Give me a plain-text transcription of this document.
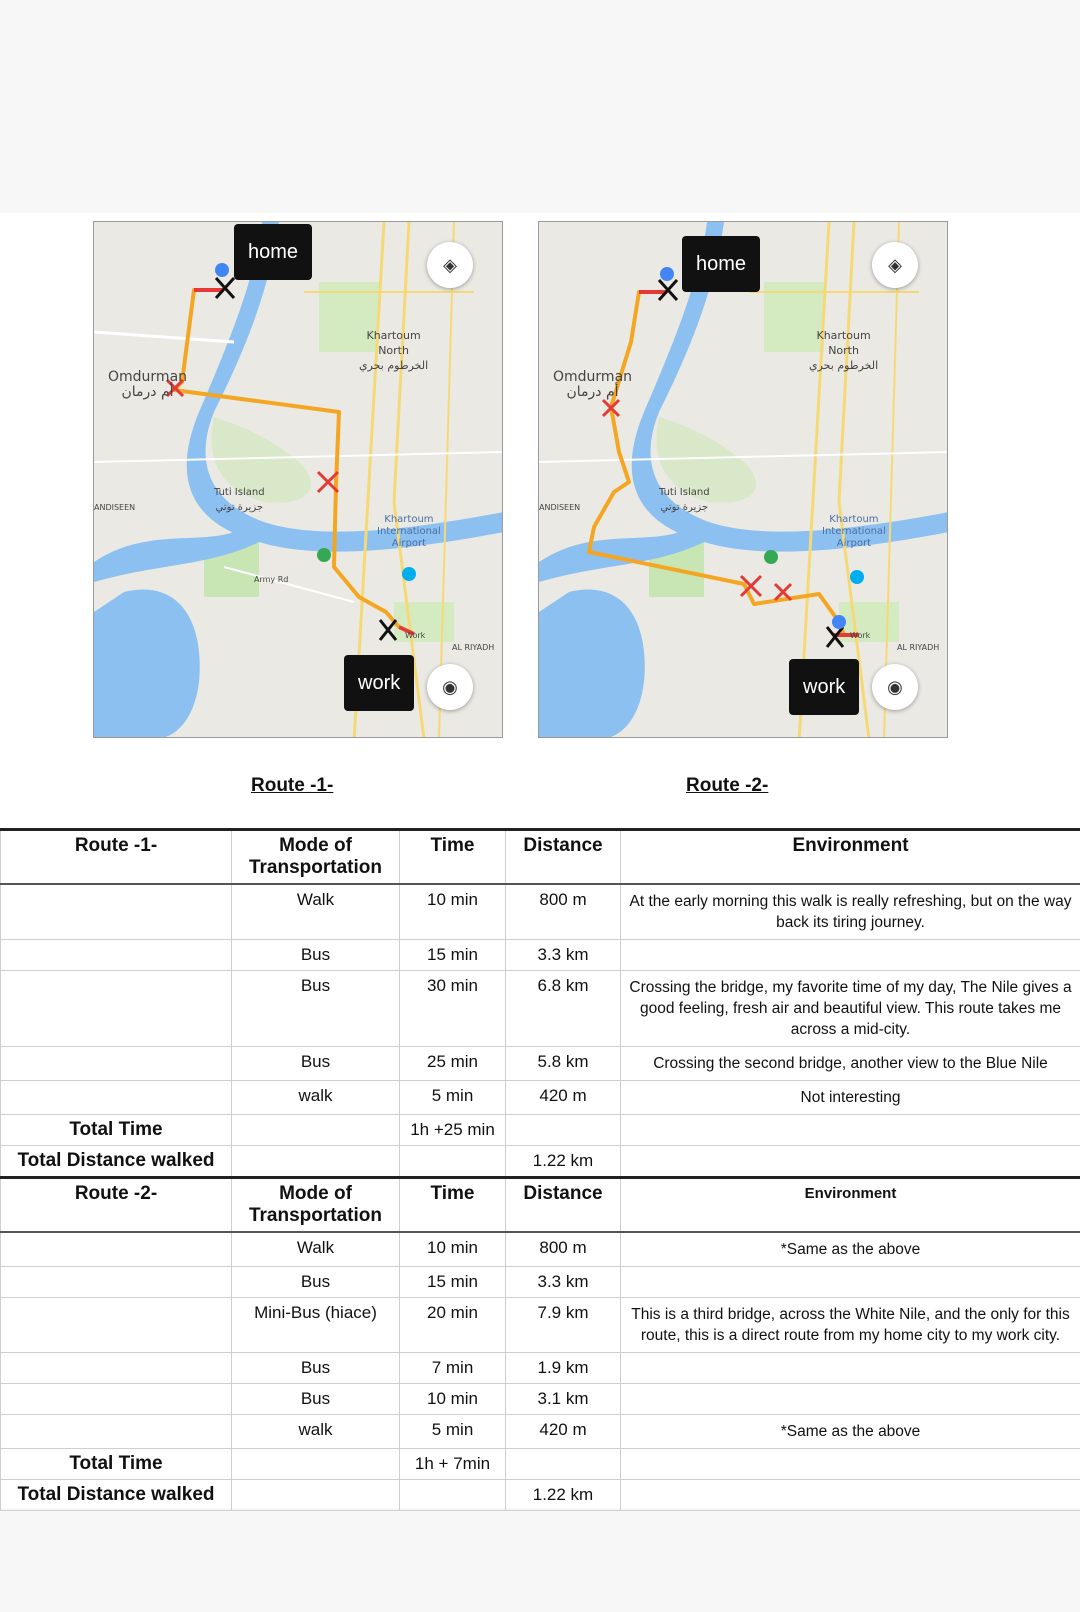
Omdurman
أم درمان
Khartoum
North
الخرطوم بحري
Tuti Island
جزيرة توتي
Khartoum
International
Airport
AL RIYADH
ANDISEEN
Army Rd
Work
home
work
◈
◉
Omdurman
أم درمان
Khartoum
North
الخرطوم بحري
Tuti Island
جزيرة توتي
Khartoum
International
Airport
AL RIYADH
ANDISEEN
Work
home
work
◈
◉
Route -1-	Route -2-
Route -1-	Mode of Transportation	Time	Distance	Environment
	Walk	10 min	800 m	At the early morning this walk is really refreshing, but on the way back its tiring journey.
	Bus	15 min	3.3 km	
	Bus	30 min	6.8 km	Crossing the bridge, my favorite time of my day, The Nile gives a good feeling, fresh air and beautiful view. This route takes me across a mid-city.
	Bus	25 min	5.8 km	Crossing the second bridge, another view to the Blue Nile
	walk	5 min	420 m	Not interesting
Total Time		1h +25 min		
Total Distance walked			1.22 km	
Route -2-	Mode of Transportation	Time	Distance	Environment
	Walk	10 min	800 m	*Same as the above
	Bus	15 min	3.3 km	
	Mini-Bus (hiace)	20 min	7.9 km	This is a third bridge, across the White Nile, and the only for this route, this is a direct route from my home city to my work city.
	Bus	7 min	1.9 km	
	Bus	10 min	3.1 km	
	walk	5 min	420 m	*Same as the above
Total Time		1h + 7min		
Total Distance walked			1.22 km	
